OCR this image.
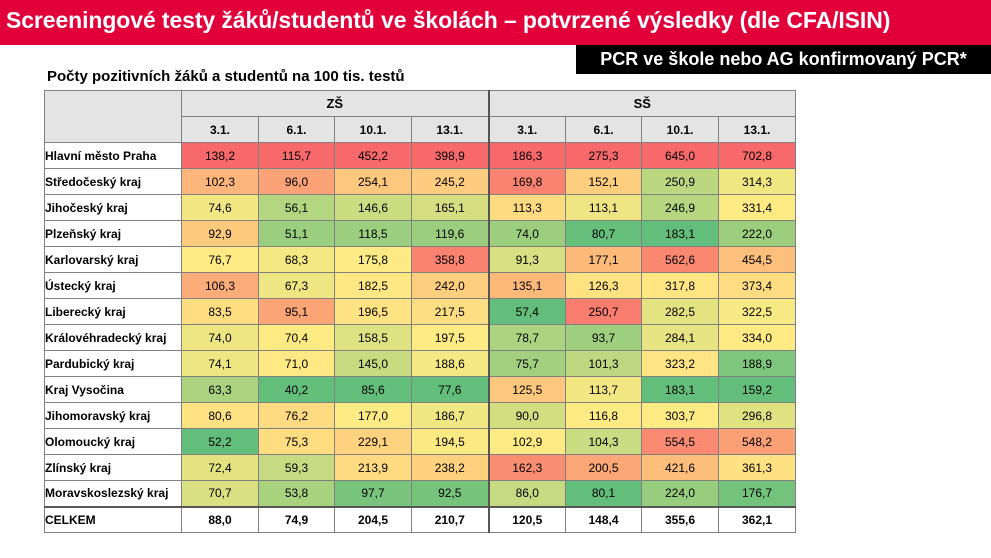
Screeningové testy žáků/studentů ve školách – potvrzené výsledky (dle CFA/ISIN)
PCR ve škole nebo AG konfirmovaný PCR*
Počty pozitivních žáků a studentů na 100 tis. testů
	ZŠ				SŠ			
	3.1.	6.1.	10.1.	13.1.	3.1.	6.1.	10.1.	13.1.
Hlavní město Praha	138,2	115,7	452,2	398,9	186,3	275,3	645,0	702,8
Středočeský kraj	102,3	96,0	254,1	245,2	169,8	152,1	250,9	314,3
Jihočeský kraj	74,6	56,1	146,6	165,1	113,3	113,1	246,9	331,4
Plzeňský kraj	92,9	51,1	118,5	119,6	74,0	80,7	183,1	222,0
Karlovarský kraj	76,7	68,3	175,8	358,8	91,3	177,1	562,6	454,5
Ústecký kraj	106,3	67,3	182,5	242,0	135,1	126,3	317,8	373,4
Liberecký kraj	83,5	95,1	196,5	217,5	57,4	250,7	282,5	322,5
Královéhradecký kraj	74,0	70,4	158,5	197,5	78,7	93,7	284,1	334,0
Pardubický kraj	74,1	71,0	145,0	188,6	75,7	101,3	323,2	188,9
Kraj Vysočina	63,3	40,2	85,6	77,6	125,5	113,7	183,1	159,2
Jihomoravský kraj	80,6	76,2	177,0	186,7	90,0	116,8	303,7	296,8
Olomoucký kraj	52,2	75,3	229,1	194,5	102,9	104,3	554,5	548,2
Zlínský kraj	72,4	59,3	213,9	238,2	162,3	200,5	421,6	361,3
Moravskoslezský kraj	70,7	53,8	97,7	92,5	86,0	80,1	224,0	176,7
CELKEM	88,0	74,9	204,5	210,7	120,5	148,4	355,6	362,1
